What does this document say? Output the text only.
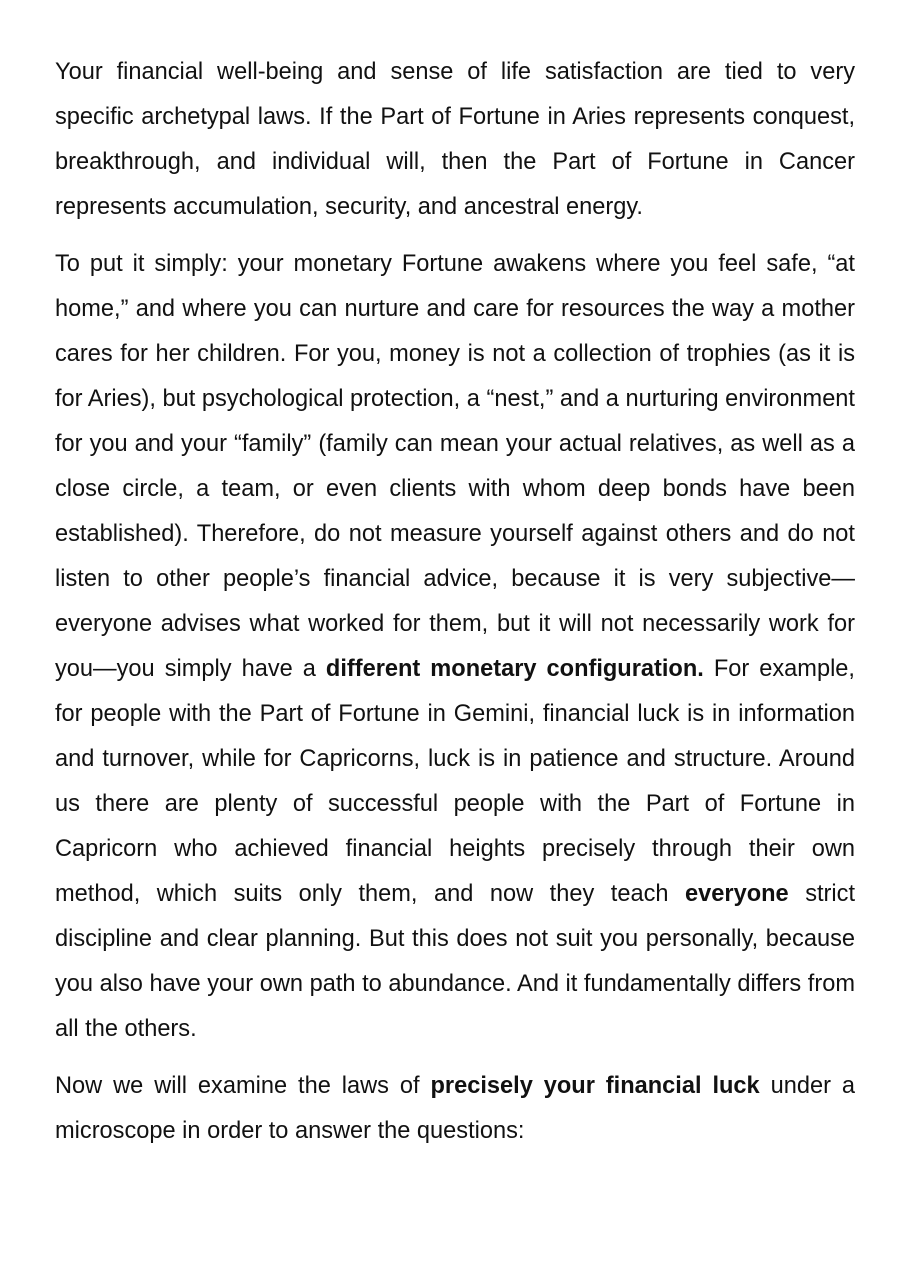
Your financial well-being and sense of life satisfaction are tied to very specific archetypal laws. If the Part of Fortune in Aries represents conquest, breakthrough, and individual will, then the Part of Fortune in Cancer represents accumulation, security, and ancestral energy.

To put it simply: your monetary Fortune awakens where you feel safe, “at home,” and where you can nurture and care for resources the way a mother cares for her children. For you, money is not a collection of trophies (as it is for Aries), but psychological protection, a “nest,” and a nurturing environment for you and your “family” (family can mean your actual relatives, as well as a close circle, a team, or even clients with whom deep bonds have been established). Therefore, do not measure yourself against others and do not listen to other people’s financial advice, because it is very subjective—everyone advises what worked for them, but it will not necessarily work for you—you simply have a different monetary configuration. For example, for people with the Part of Fortune in Gemini, financial luck is in information and turnover, while for Capricorns, luck is in patience and structure. Around us there are plenty of successful people with the Part of Fortune in Capricorn who achieved financial heights precisely through their own method, which suits only them, and now they teach everyone strict discipline and clear planning. But this does not suit you personally, because you also have your own path to abundance. And it fundamentally differs from all the others.

Now we will examine the laws of precisely your financial luck under a microscope in order to answer the questions:
